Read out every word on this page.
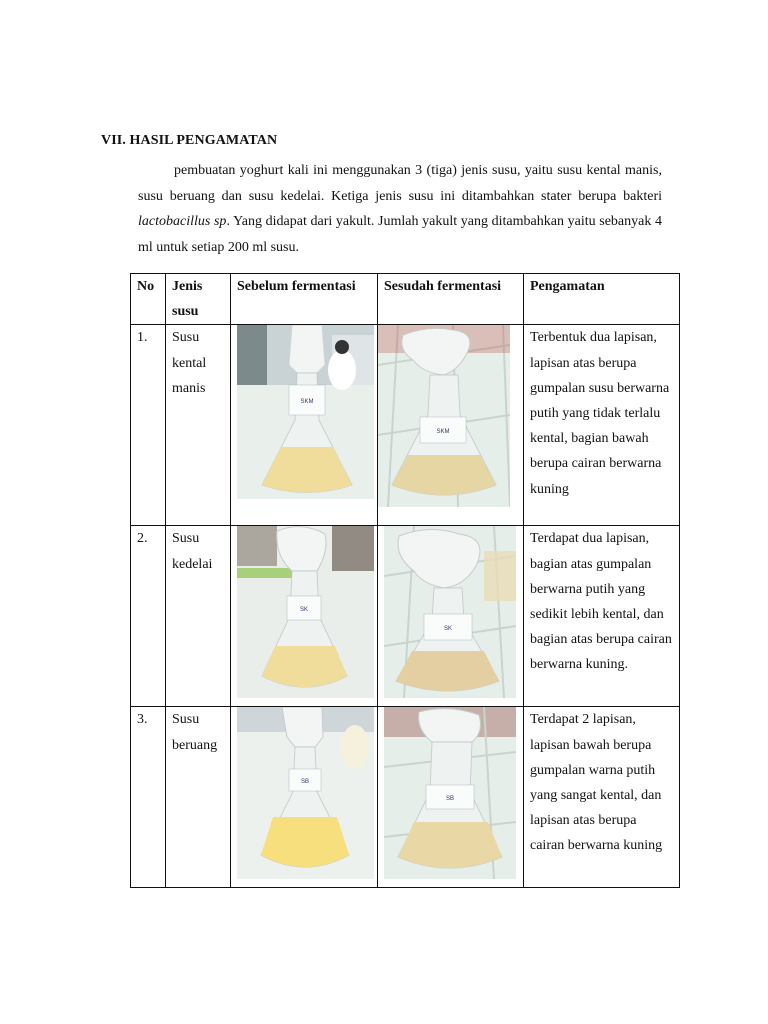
VII. HASIL PENGAMATAN
pembuatan yoghurt kali ini menggunakan 3 (tiga) jenis susu, yaitu susu kental manis, susu beruang dan susu kedelai. Ketiga jenis susu ini ditambahkan stater berupa bakteri lactobacillus sp. Yang didapat dari yakult. Jumlah yakult yang ditambahkan yaitu sebanyak 4 ml untuk setiap 200 ml susu.
No	Jenis susu	Sebelum fermentasi	Sesudah fermentasi	Pengamatan
1.	Susu kental manis	SKM	SKM	Terbentuk dua lapisan, lapisan atas berupa gumpalan susu berwarna putih yang tidak terlalu kental, bagian bawah berupa cairan berwarna kuning
2.	Susu kedelai	SK	SK	Terdapat dua lapisan, bagian atas gumpalan berwarna putih yang sedikit lebih kental, dan bagian atas berupa cairan berwarna kuning.
3.	Susu beruang	SB	SB	Terdapat 2 lapisan, lapisan bawah berupa gumpalan warna putih yang sangat kental, dan lapisan atas berupa cairan berwarna kuning
